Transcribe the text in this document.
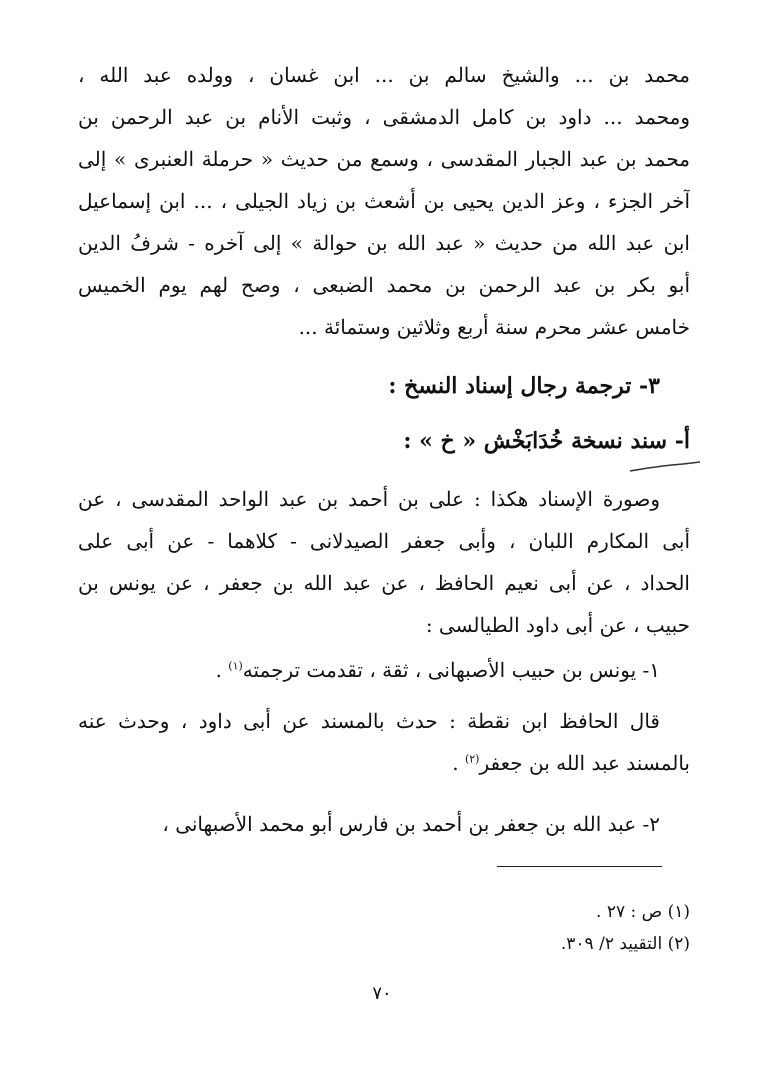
محمد بن ... والشيخ سالم بن ... ابن غسان ، وولده عبد الله ،
ومحمد ... داود بن كامل الدمشقى ، وثبت الأنام بن عبد الرحمن بن
محمد بن عبد الجبار المقدسى ، وسمع من حديث « حرملة العنبرى » إلى
آخر الجزء ، وعز الدين يحيى بن أشعث بن زياد الجيلى ، ... ابن إسماعيل
ابن عبد الله من حديث « عبد الله بن حوالة » إلى آخره - شرفُ الدين
أبو بكر بن عبد الرحمن بن محمد الضبعى ، وصح لهم يوم الخميس
خامس عشر محرم سنة أربع وثلاثين وستمائة ...
٣- ترجمة رجال إسناد النسخ :
أ- سند نسخة خُدَابَخْش « خ » :
وصورة الإسناد هكذا : على بن أحمد بن عبد الواحد المقدسى ، عن
أبى المكارم اللبان ، وأبى جعفر الصيدلانى - كلاهما - عن أبى على
الحداد ، عن أبى نعيم الحافظ ، عن عبد الله بن جعفر ، عن يونس بن
حبيب ، عن أبى داود الطيالسى :
١- يونس بن حبيب الأصبهانى ، ثقة ، تقدمت ترجمته$^{(١)}$ .
قال الحافظ ابن نقطة : حدث بالمسند عن أبى داود ، وحدث عنه
بالمسند عبد الله بن جعفر$^{(٢)}$ .
٢- عبد الله بن جعفر بن أحمد بن فارس أبو محمد الأصبهانى ،
(١) ص : ٢٧ .
(٢) التقييد ٢/ ٣٠٩.
٧٠
